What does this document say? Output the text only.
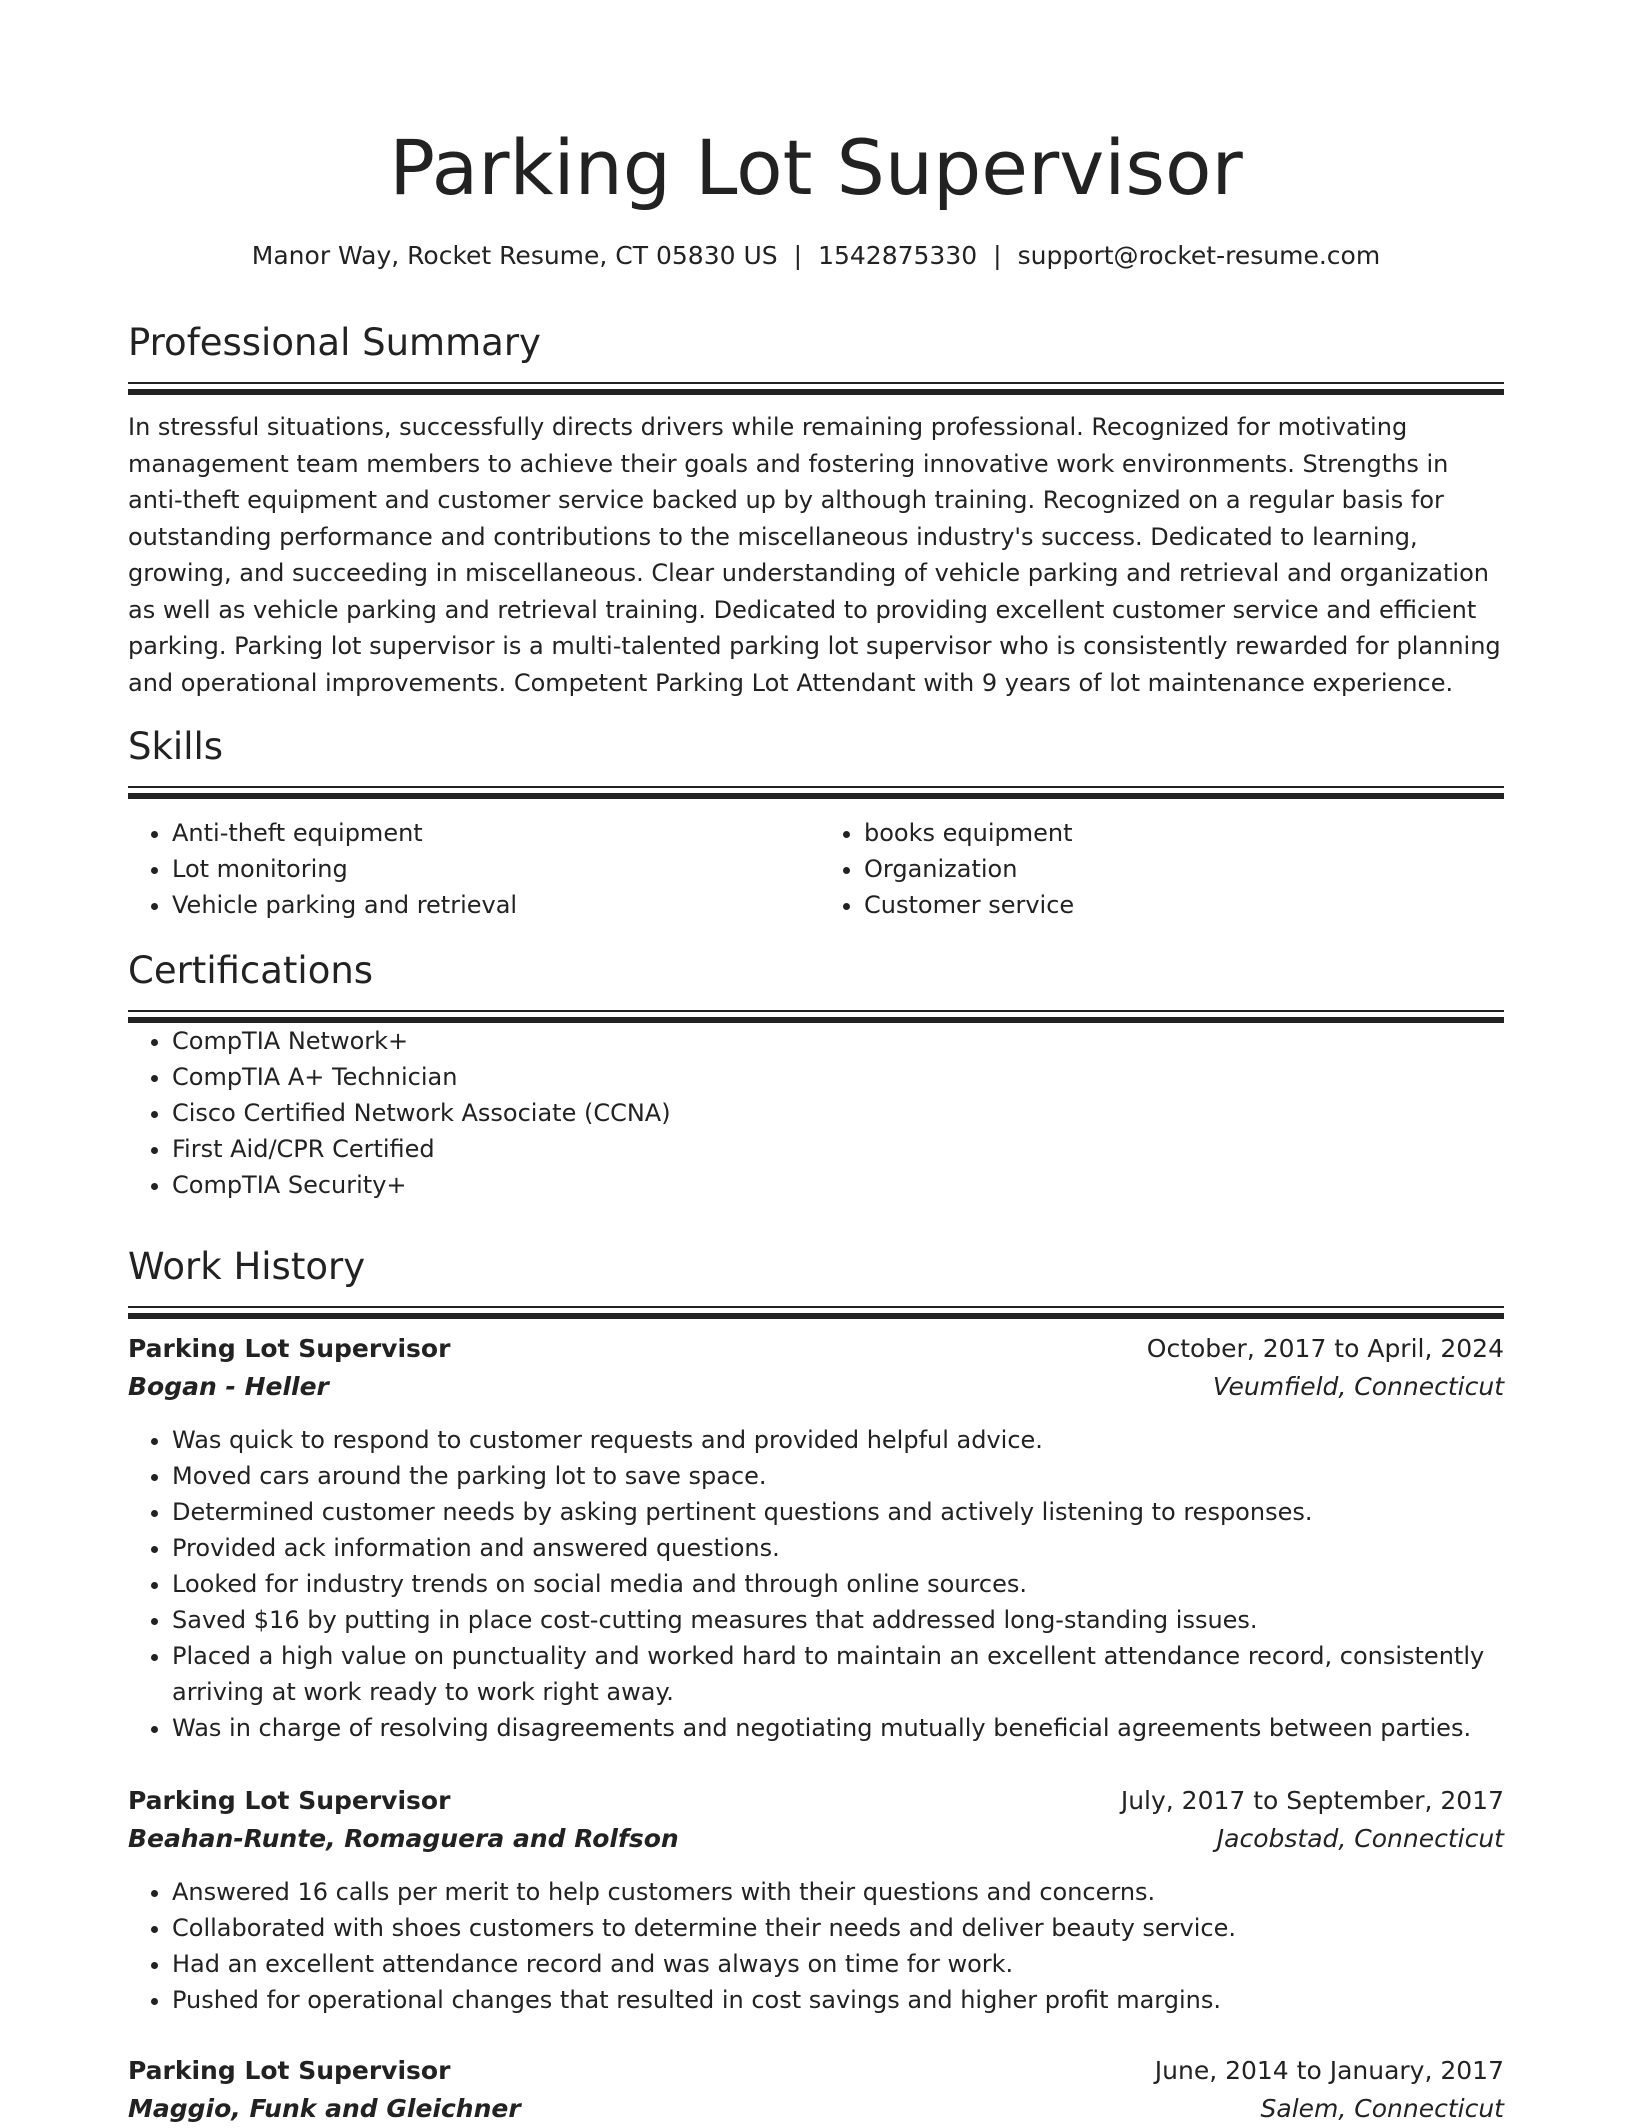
Parking Lot Supervisor
Manor Way, Rocket Resume, CT 05830 US | 1542875330 | support@rocket-resume.com
Professional Summary

In stressful situations, successfully directs drivers while remaining professional. Recognized for motivating management team members to achieve their goals and fostering innovative work environments. Strengths in anti-theft equipment and customer service backed up by although training. Recognized on a regular basis for outstanding performance and contributions to the miscellaneous industry's success. Dedicated to learning, growing, and succeeding in miscellaneous. Clear understanding of vehicle parking and retrieval and organization as well as vehicle parking and retrieval training. Dedicated to providing excellent customer service and efficient parking. Parking lot supervisor is a multi-talented parking lot supervisor who is consistently rewarded for planning and operational improvements. Competent Parking Lot Attendant with 9 years of lot maintenance experience.

Skills
• Anti-theft equipment
• Lot monitoring
• Vehicle parking and retrieval
• books equipment
• Organization
• Customer service
Certifications
• CompTIA Network+
• CompTIA A+ Technician
• Cisco Certified Network Associate (CCNA)
• First Aid/CPR Certified
• CompTIA Security+
Work History
Parking Lot Supervisor	October, 2017 to April, 2024
Bogan - Heller	Veumfield, Connecticut
• Was quick to respond to customer requests and provided helpful advice.
• Moved cars around the parking lot to save space.
• Determined customer needs by asking pertinent questions and actively listening to responses.
• Provided ack information and answered questions.
• Looked for industry trends on social media and through online sources.
• Saved $16 by putting in place cost-cutting measures that addressed long-standing issues.
• Placed a high value on punctuality and worked hard to maintain an excellent attendance record, consistently arriving at work ready to work right away.
• Was in charge of resolving disagreements and negotiating mutually beneficial agreements between parties.
Parking Lot Supervisor	July, 2017 to September, 2017
Beahan-Runte, Romaguera and Rolfson	Jacobstad, Connecticut
• Answered 16 calls per merit to help customers with their questions and concerns.
• Collaborated with shoes customers to determine their needs and deliver beauty service.
• Had an excellent attendance record and was always on time for work.
• Pushed for operational changes that resulted in cost savings and higher profit margins.
Parking Lot Supervisor	June, 2014 to January, 2017
Maggio, Funk and Gleichner	Salem, Connecticut
